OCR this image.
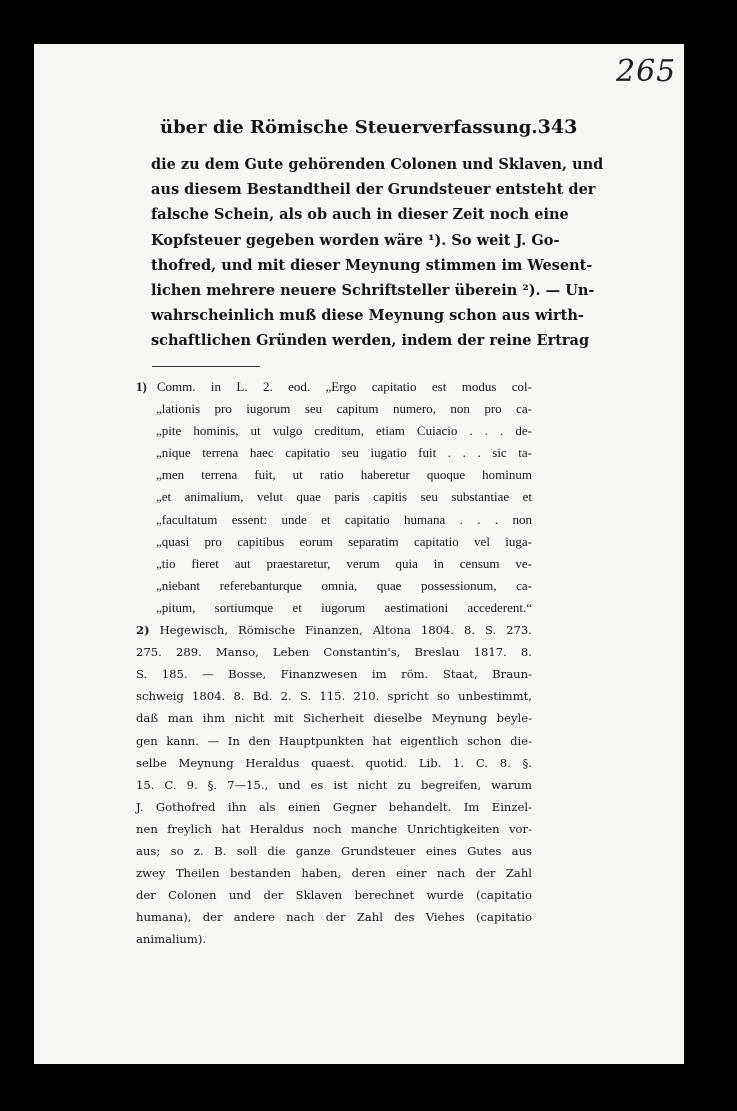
265
über die Römische Steuerverfassung. 343
die zu dem Gute gehörenden Colonen und Sklaven, und
aus diesem Bestandtheil der Grundsteuer entsteht der
falsche Schein, als ob auch in dieser Zeit noch eine
Kopfsteuer gegeben worden wäre ¹). So weit J. Go-
thofred, und mit dieser Meynung stimmen im Wesent-
lichen mehrere neuere Schriftsteller überein ²). — Un-
wahrscheinlich muß diese Meynung schon aus wirth-
schaftlichen Gründen werden, indem der reine Ertrag
1) Comm. in L. 2. eod. „Ergo capitatio est modus col-
„lationis pro iugorum seu capitum numero, non pro ca-
„pite hominis, ut vulgo creditum, etiam Cuiacio . . . de-
„nique terrena haec capitatio seu iugatio fuit . . . sic ta-
„men terrena fuit, ut ratio haberetur quoque hominum
„et animalium, velut quae paris capitis seu substantiae et
„facultatum essent: unde et capitatio humana . . . non
„quasi pro capitibus eorum separatim capitatio vel iuga-
„tio fieret aut praestaretur, verum quia in censum ve-
„niebant referebanturque omnia, quae possessionum, ca-
„pitum, sortiumque et iugorum aestimationi accederent.“
2) Hegewisch, Römische Finanzen, Altona 1804. 8. S. 273.
275. 289. Manso, Leben Constantin's, Breslau 1817. 8.
S. 185. — Bosse, Finanzwesen im röm. Staat, Braun-
schweig 1804. 8. Bd. 2. S. 115. 210. spricht so unbestimmt,
daß man ihm nicht mit Sicherheit dieselbe Meynung beyle-
gen kann. — In den Hauptpunkten hat eigentlich schon die-
selbe Meynung Heraldus quaest. quotid. Lib. 1. C. 8. §.
15. C. 9. §. 7—15., und es ist nicht zu begreifen, warum
J. Gothofred ihn als einen Gegner behandelt. Im Einzel-
nen freylich hat Heraldus noch manche Unrichtigkeiten vor-
aus; so z. B. soll die ganze Grundsteuer eines Gutes aus
zwey Theilen bestanden haben, deren einer nach der Zahl
der Colonen und der Sklaven berechnet wurde (capitatio
humana), der andere nach der Zahl des Viehes (capitatio
animalium).
